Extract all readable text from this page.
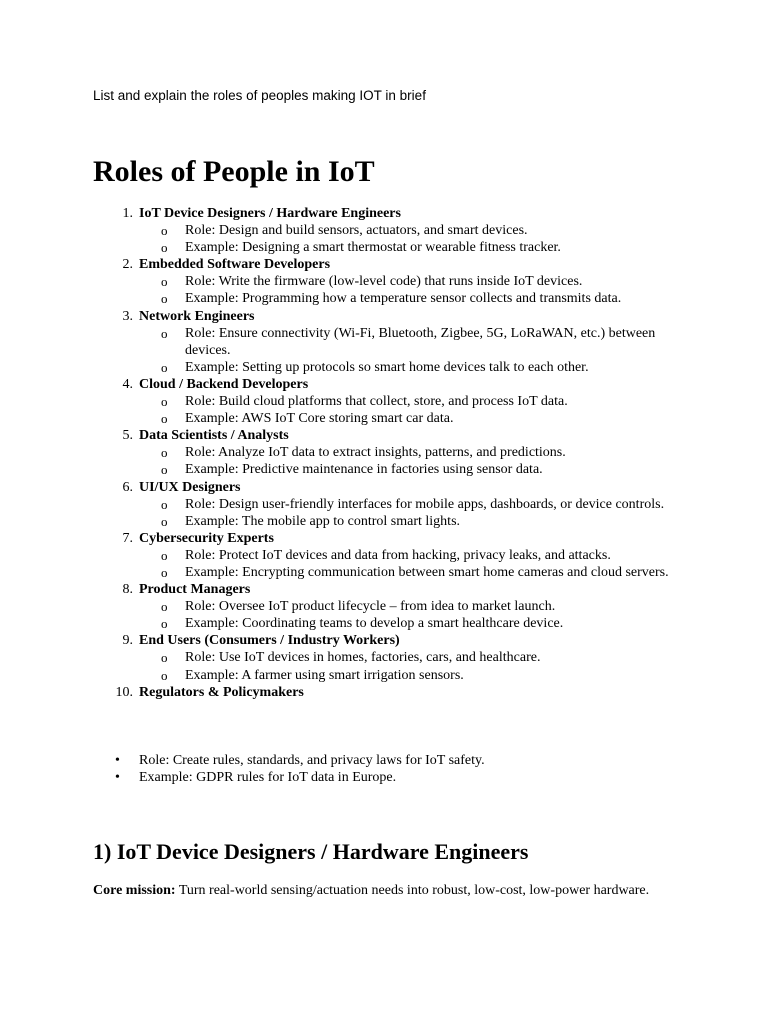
List and explain the roles of peoples making IOT in brief
Roles of People in IoT
1. IoT Device Designers / Hardware Engineers
o Role: Design and build sensors, actuators, and smart devices.
o Example: Designing a smart thermostat or wearable fitness tracker.
2. Embedded Software Developers
o Role: Write the firmware (low-level code) that runs inside IoT devices.
o Example: Programming how a temperature sensor collects and transmits data.
3. Network Engineers
o Role: Ensure connectivity (Wi-Fi, Bluetooth, Zigbee, 5G, LoRaWAN, etc.) between devices.
o Example: Setting up protocols so smart home devices talk to each other.
4. Cloud / Backend Developers
o Role: Build cloud platforms that collect, store, and process IoT data.
o Example: AWS IoT Core storing smart car data.
5. Data Scientists / Analysts
o Role: Analyze IoT data to extract insights, patterns, and predictions.
o Example: Predictive maintenance in factories using sensor data.
6. UI/UX Designers
o Role: Design user-friendly interfaces for mobile apps, dashboards, or device controls.
o Example: The mobile app to control smart lights.
7. Cybersecurity Experts
o Role: Protect IoT devices and data from hacking, privacy leaks, and attacks.
o Example: Encrypting communication between smart home cameras and cloud servers.
8. Product Managers
o Role: Oversee IoT product lifecycle – from idea to market launch.
o Example: Coordinating teams to develop a smart healthcare device.
9. End Users (Consumers / Industry Workers)
o Role: Use IoT devices in homes, factories, cars, and healthcare.
o Example: A farmer using smart irrigation sensors.
10. Regulators & Policymakers
• Role: Create rules, standards, and privacy laws for IoT safety.
• Example: GDPR rules for IoT data in Europe.
1) IoT Device Designers / Hardware Engineers

Core mission: Turn real-world sensing/actuation needs into robust, low-cost, low-power hardware.
